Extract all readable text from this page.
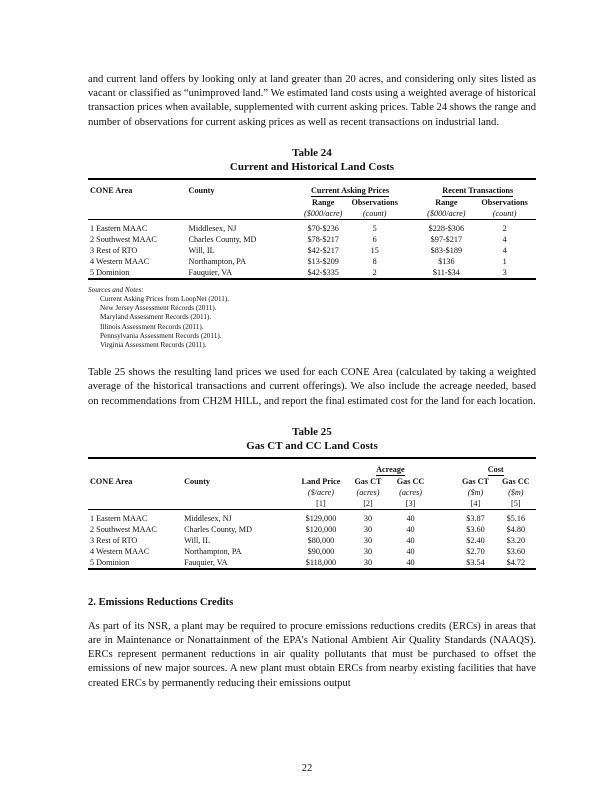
and current land offers by looking only at land greater than 20 acres, and considering only sites listed as vacant or classified as “unimproved land.” We estimated land costs using a weighted average of historical transaction prices when available, supplemented with current asking prices. Table 24 shows the range and number of observations for current asking prices as well as recent transactions on industrial land.

Table 24
Current and Historical Land Costs

CONE Area	County	Current Asking Prices			Recent Transactions	
		Range	Observations		Range	Observations
		($000/acre)	(count)		($000/acre)	(count)

1 Eastern MAAC	Middlesex, NJ	$70-$236	5		$228-$306	2
2 Southwest MAAC	Charles County, MD	$78-$217	6		$97-$217	4
3 Rest of RTO	Will, IL	$42-$217	15		$83-$189	4
4 Western MAAC	Northampton, PA	$13-$209	8		$136	1
5 Dominion	Fauquier, VA	$42-$335	2		$11-$34	3

Sources and Notes:
Current Asking Prices from LoopNet (2011).
New Jersey Assessment Records (2011).
Maryland Assessment Records (2011).
Illinois Assessment Records (2011).
Pennsylvania Assessment Records (2011).
Virginia Assessment Records (2011).

Table 25 shows the resulting land prices we used for each CONE Area (calculated by taking a weighted average of the historical transactions and current offerings). We also include the acreage needed, based on recommendations from CH2M HILL, and report the final estimated cost for the land for each location.

Table 25
Gas CT and CC Land Costs

			Acreage			Cost	
CONE Area	County	Land Price	Gas CT	Gas CC		Gas CT	Gas CC
		($/acre)	(acres)	(acres)		($m)	($m)
		[1]	[2]	[3]		[4]	[5]

1 Eastern MAAC	Middlesex, NJ	$129,000	30	40		$3.87	$5.16
2 Southwest MAAC	Charles County, MD	$120,000	30	40		$3.60	$4.80
3 Rest of RTO	Will, IL	$80,000	30	40		$2.40	$3.20
4 Western MAAC	Northampton, PA	$90,000	30	40		$2.70	$3.60
5 Dominion	Fauquier, VA	$118,000	30	40		$3.54	$4.72

2. Emissions Reductions Credits

As part of its NSR, a plant may be required to procure emissions reductions credits (ERCs) in areas that are in Maintenance or Nonattainment of the EPA’s National Ambient Air Quality Standards (NAAQS). ERCs represent permanent reductions in air quality pollutants that must be purchased to offset the emissions of new major sources. A new plant must obtain ERCs from nearby existing facilities that have created ERCs by permanently reducing their emissions output

22
